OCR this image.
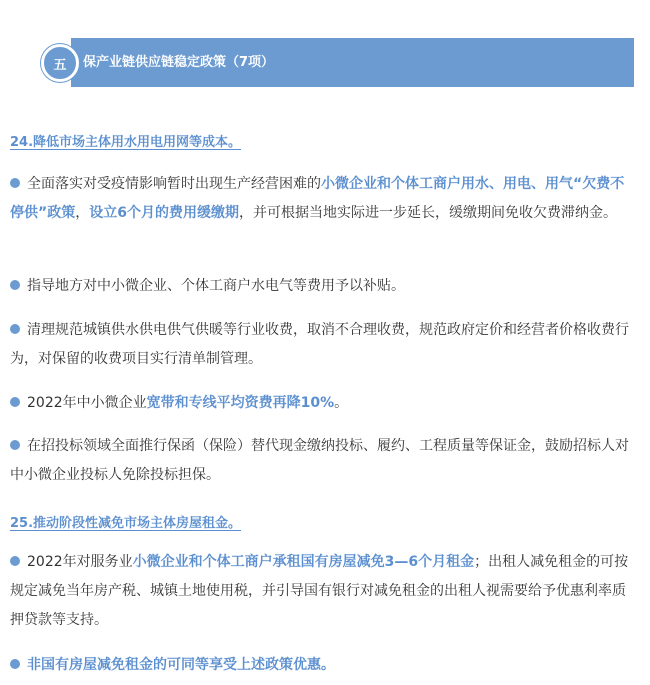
五	保产业链供应链稳定政策（7项）
24.降低市场主体用水用电用网等成本。
全面落实对受疫情影响暂时出现生产经营困难的小微企业和个体工商户用水、用电、用气“欠费不停供”政策，设立6个月的费用缓缴期，并可根据当地实际进一步延长，缓缴期间免收欠费滞纳金。
指导地方对中小微企业、个体工商户水电气等费用予以补贴。
清理规范城镇供水供电供气供暖等行业收费，取消不合理收费，规范政府定价和经营者价格收费行为，对保留的收费项目实行清单制管理。
2022年中小微企业宽带和专线平均资费再降10%。
在招投标领域全面推行保函（保险）替代现金缴纳投标、履约、工程质量等保证金，鼓励招标人对中小微企业投标人免除投标担保。
25.推动阶段性减免市场主体房屋租金。
2022年对服务业小微企业和个体工商户承租国有房屋减免3—6个月租金；出租人减免租金的可按规定减免当年房产税、城镇土地使用税，并引导国有银行对减免租金的出租人视需要给予优惠利率质押贷款等支持。
非国有房屋减免租金的可同等享受上述政策优惠。
